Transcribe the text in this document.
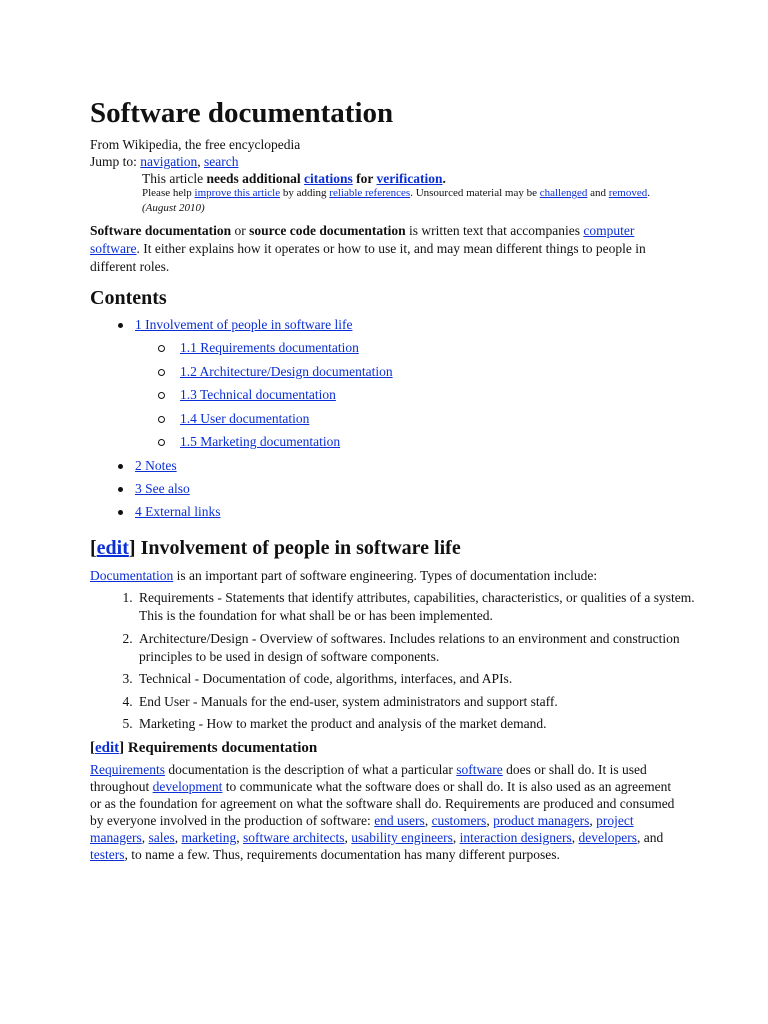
Software documentation
From Wikipedia, the free encyclopedia
Jump to: navigation, search
This article needs additional citations for verification.
Please help improve this article by adding reliable references. Unsourced material may be challenged and removed. (August 2010)
Software documentation or source code documentation is written text that accompanies computer software. It either explains how it operates or how to use it, and may mean different things to people in different roles.
Contents
1 Involvement of people in software life
1.1 Requirements documentation
1.2 Architecture/Design documentation
1.3 Technical documentation
1.4 User documentation
1.5 Marketing documentation
2 Notes
3 See also
4 External links
[edit] Involvement of people in software life
Documentation is an important part of software engineering. Types of documentation include:
1. Requirements - Statements that identify attributes, capabilities, characteristics, or qualities of a system. This is the foundation for what shall be or has been implemented.
2. Architecture/Design - Overview of softwares. Includes relations to an environment and construction principles to be used in design of software components.
3. Technical - Documentation of code, algorithms, interfaces, and APIs.
4. End User - Manuals for the end-user, system administrators and support staff.
5. Marketing - How to market the product and analysis of the market demand.
[edit] Requirements documentation
Requirements documentation is the description of what a particular software does or shall do. It is used throughout development to communicate what the software does or shall do. It is also used as an agreement or as the foundation for agreement on what the software shall do. Requirements are produced and consumed by everyone involved in the production of software: end users, customers, product managers, project managers, sales, marketing, software architects, usability engineers, interaction designers, developers, and testers, to name a few. Thus, requirements documentation has many different purposes.
